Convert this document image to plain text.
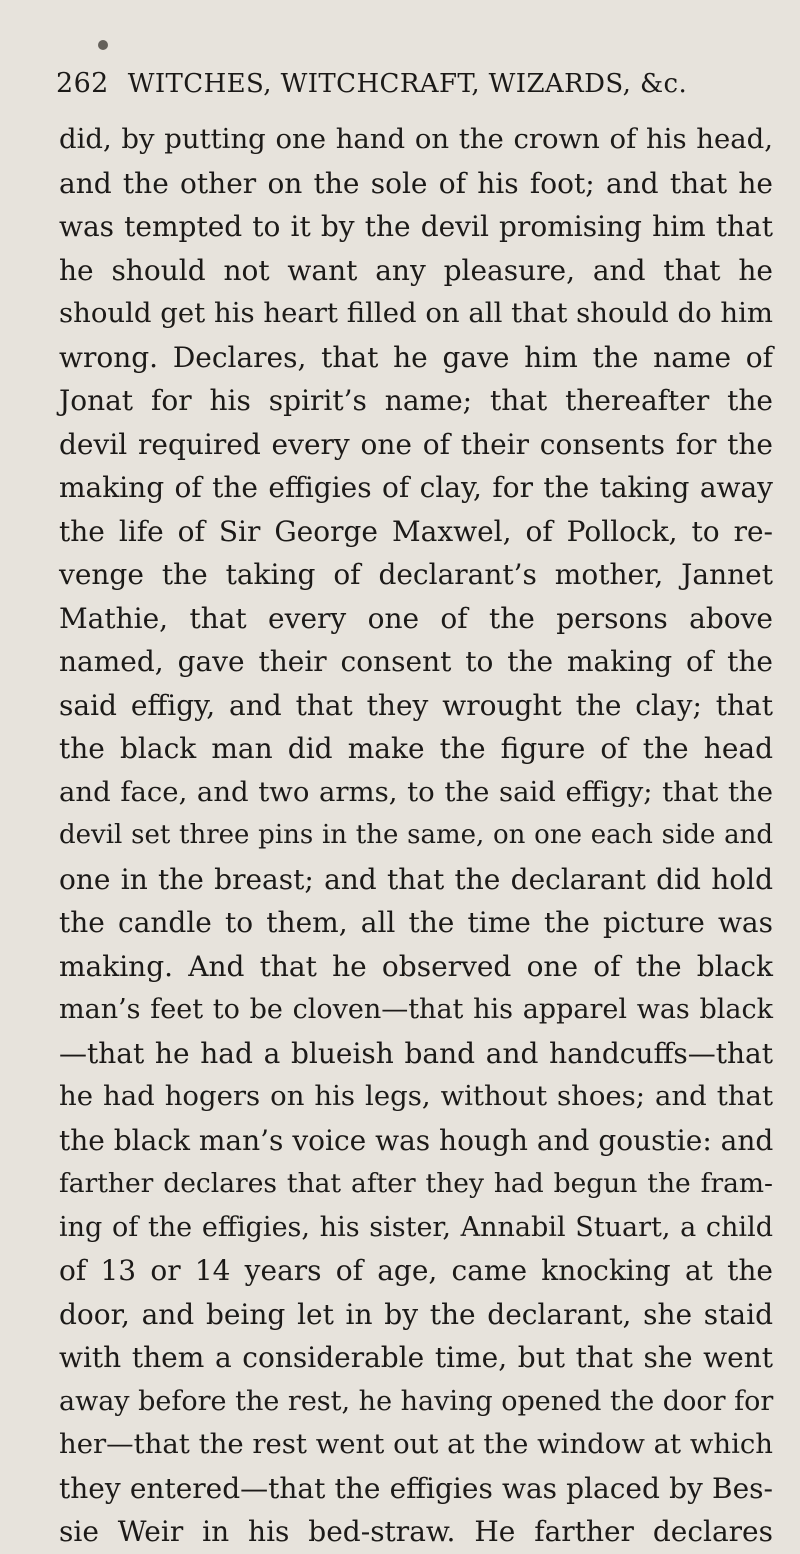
262 WITCHES, WITCHCRAFT, WIZARDS, &c.
did, by putting one hand on the crown of his head,
and the other on the sole of his foot; and that he
was tempted to it by the devil promising him that
he should not want any pleasure, and that he
should get his heart filled on all that should do him
wrong. Declares, that he gave him the name of
Jonat for his spirit’s name; that thereafter the
devil required every one of their consents for the
making of the effigies of clay, for the taking away
the life of Sir George Maxwel, of Pollock, to re-
venge the taking of declarant’s mother, Jannet
Mathie, that every one of the persons above
named, gave their consent to the making of the
said effigy, and that they wrought the clay; that
the black man did make the figure of the head
and face, and two arms, to the said effigy; that the
devil set three pins in the same, on one each side and
one in the breast; and that the declarant did hold
the candle to them, all the time the picture was
making. And that he observed one of the black
man’s feet to be cloven—that his apparel was black
—that he had a blueish band and handcuffs—that
he had hogers on his legs, without shoes; and that
the black man’s voice was hough and goustie: and
farther declares that after they had begun the fram-
ing of the effigies, his sister, Annabil Stuart, a child
of 13 or 14 years of age, came knocking at the
door, and being let in by the declarant, she staid
with them a considerable time, but that she went
away before the rest, he having opened the door for
her—that the rest went out at the window at which
they entered—that the effigies was placed by Bes-
sie Weir in his bed-straw. He farther declares
